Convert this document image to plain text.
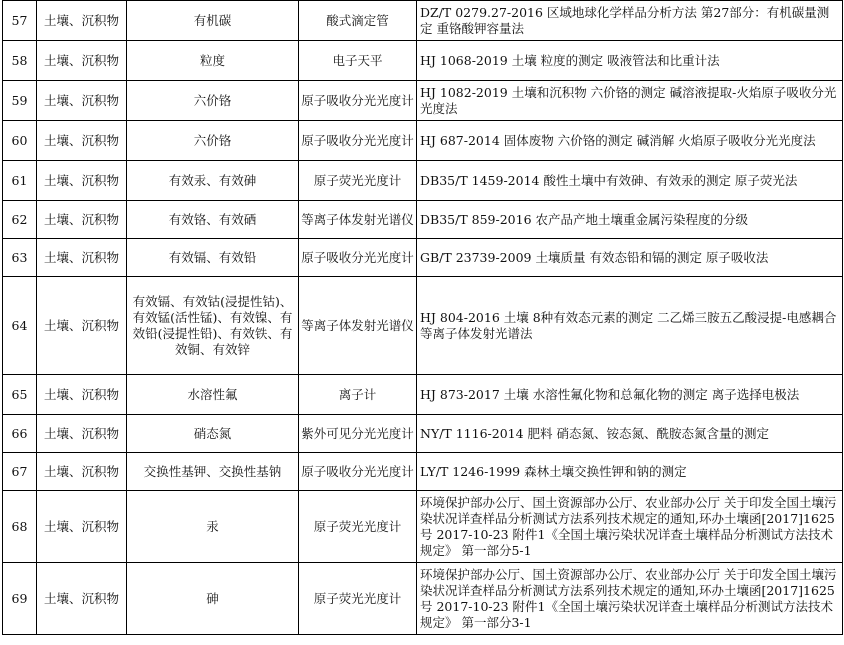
57	土壤、沉积物	有机碳	酸式滴定管	DZ/T 0279.27-2016 区域地球化学样品分析方法 第27部分：有机碳量测定 重铬酸钾容量法
58	土壤、沉积物	粒度	电子天平	HJ 1068-2019 土壤 粒度的测定 吸液管法和比重计法
59	土壤、沉积物	六价铬	原子吸收分光光度计	HJ 1082-2019 土壤和沉积物 六价铬的测定 碱溶液提取-火焰原子吸收分光光度法
60	土壤、沉积物	六价铬	原子吸收分光光度计	HJ 687-2014 固体废物 六价铬的测定 碱消解 火焰原子吸收分光光度法
61	土壤、沉积物	有效汞、有效砷	原子荧光光度计	DB35/T 1459-2014 酸性土壤中有效砷、有效汞的测定 原子荧光法
62	土壤、沉积物	有效铬、有效硒	等离子体发射光谱仪	DB35/T 859-2016 农产品产地土壤重金属污染程度的分级
63	土壤、沉积物	有效镉、有效铅	原子吸收分光光度计	GB/T 23739-2009 土壤质量 有效态铅和镉的测定 原子吸收法
64	土壤、沉积物	有效镉、有效钴(浸提性钴)、有效锰(活性锰)、有效镍、有效铅(浸提性铅)、有效铁、有效铜、有效锌	等离子体发射光谱仪	HJ 804-2016 土壤 8种有效态元素的测定 二乙烯三胺五乙酸浸提-电感耦合等离子体发射光谱法
65	土壤、沉积物	水溶性氟	离子计	HJ 873-2017 土壤 水溶性氟化物和总氟化物的测定 离子选择电极法
66	土壤、沉积物	硝态氮	紫外可见分光光度计	NY/T 1116-2014 肥料 硝态氮、铵态氮、酰胺态氮含量的测定
67	土壤、沉积物	交换性基钾、交换性基钠	原子吸收分光光度计	LY/T 1246-1999 森林土壤交换性钾和钠的测定
68	土壤、沉积物	汞	原子荧光光度计	环境保护部办公厅、国土资源部办公厅、农业部办公厅 关于印发全国土壤污染状况详查样品分析测试方法系列技术规定的通知,环办土壤函[2017]1625号 2017-10-23 附件1《全国土壤污染状况详查土壤样品分析测试方法技术规定》 第一部分5-1
69	土壤、沉积物	砷	原子荧光光度计	环境保护部办公厅、国土资源部办公厅、农业部办公厅 关于印发全国土壤污染状况详查样品分析测试方法系列技术规定的通知,环办土壤函[2017]1625号 2017-10-23 附件1《全国土壤污染状况详查土壤样品分析测试方法技术规定》 第一部分3-1
